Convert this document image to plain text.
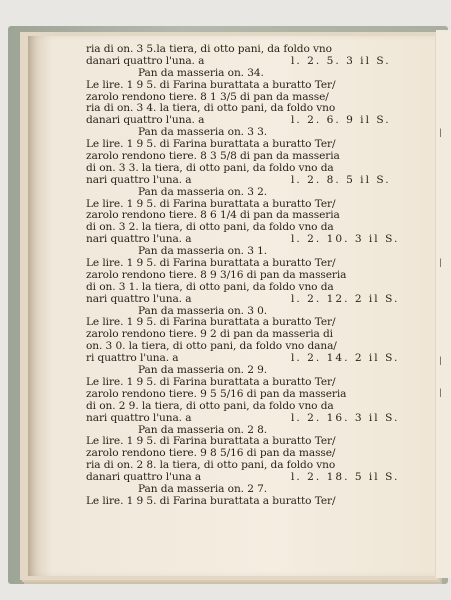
|
|
|
|
ria di on. 3 5.la tiera, di otto pani, da foldo vno
danari quattro l'una. a	l. 2. 5. 3 il S.
Pan da masseria on. 34.
Le lire. 1 9 5. di Farina burattata a buratto Ter/
zarolo rendono tiere. 8 1 3/5 di pan da masse/
ria di on. 3 4. la tiera, di otto pani, da foldo vno
danari quattro l'una. a	l. 2. 6. 9 il S.
Pan da masseria on. 3 3.
Le lire. 1 9 5. di Farina burattata a buratto Ter/
zarolo rendono tiere. 8 3 5/8 di pan da masseria
di on. 3 3. la tiera, di otto pani, da foldo vno da
nari quattro l'una. a	l. 2. 8. 5 il S.
Pan da masseria on. 3 2.
Le lire. 1 9 5. di Farina burattata a buratto Ter/
zarolo rendono tiere. 8 6 1/4 di pan da masseria
di on. 3 2. la tiera, di otto pani, da foldo vno da
nari quattro l'una. a	l. 2. 10. 3 il S.
Pan da masseria on. 3 1.
Le lire. 1 9 5. di Farina burattata a buratto Ter/
zarolo rendono tiere. 8 9 3/16 di pan da masseria
di on. 3 1. la tiera, di otto pani, da foldo vno da
nari quattro l'una. a	l. 2. 12. 2 il S.
Pan da masseria on. 3 0.
Le lire. 1 9 5. di Farina burattata a buratto Ter/
zarolo rendono tiere. 9 2 di pan da masseria di
on. 3 0. la tiera, di otto pani, da foldo vno dana/
ri quattro l'una. a	l. 2. 14. 2 il S.
Pan da masseria on. 2 9.
Le lire. 1 9 5. di Farina burattata a buratto Ter/
zarolo rendono tiere. 9 5 5/16 di pan da masseria
di on. 2 9. la tiera, di otto pani, da foldo vno da
nari quattro l'una. a	l. 2. 16. 3 il S.
Pan da masseria on. 2 8.
Le lire. 1 9 5. di Farina burattata a buratto Ter/
zarolo rendono tiere. 9 8 5/16 di pan da masse/
ria di on. 2 8. la tiera, di otto pani, da foldo vno
danari quattro l'una a	l. 2. 18. 5 il S.
Pan da masseria on. 2 7.
Le lire. 1 9 5. di Farina burattata a buratto Ter/
